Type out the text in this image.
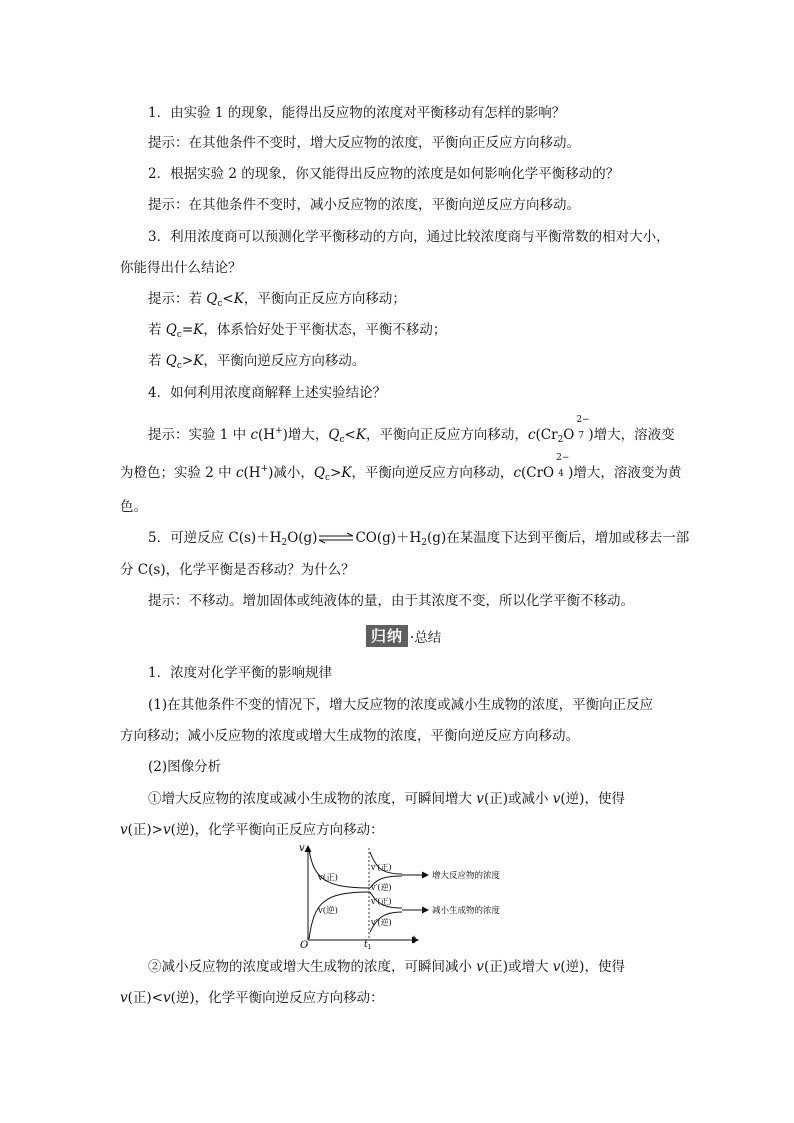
1．由实验 1 的现象，能得出反应物的浓度对平衡移动有怎样的影响？
提示：在其他条件不变时，增大反应物的浓度，平衡向正反应方向移动。
2．根据实验 2 的现象，你又能得出反应物的浓度是如何影响化学平衡移动的？
提示：在其他条件不变时，减小反应物的浓度，平衡向逆反应方向移动。
3．利用浓度商可以预测化学平衡移动的方向，通过比较浓度商与平衡常数的相对大小，
你能得出什么结论？
提示：若 $Q_c<K$，平衡向正反应方向移动；
若 $Q_c=K$，体系恰好处于平衡状态，平衡不移动；
若 $Q_c>K$，平衡向逆反应方向移动。
4．如何利用浓度商解释上述实验结论？
提示：实验 1 中 c(H+)增大，$Q_c<K$，平衡向正反应方向移动，$c(Cr_2O$
2−
7 )增大，溶液变
为橙色；实验 2 中 c(H+)减小，$Q_c>K$，平衡向逆反应方向移动，c(CrO
2−
4 )增大，溶液变为黄
色。
5．可逆反应 $C(s)+H_2O(g)\rightleftharpoons CO(g)+H_2(g)$在某温度下达到平衡后，增加或移去一部
分 C(s)，化学平衡是否移动？为什么？
提示：不移动。增加固体或纯液体的量，由于其浓度不变，所以化学平衡不移动。
归纳 ·总结
1．浓度对化学平衡的影响规律
(1)在其他条件不变的情况下，增大反应物的浓度或减小生成物的浓度，平衡向正反应
方向移动；减小反应物的浓度或增大生成物的浓度，平衡向逆反应方向移动。
(2)图像分析
①增大反应物的浓度或减小生成物的浓度，可瞬间增大 v(正)或减小 v(逆)，使得
v(正)>v(逆)，化学平衡向正反应方向移动：
v
t
O	$t_1$
v(正)
v(逆)
v′(正)
v′(逆)
增大反应物的浓度
v′(正)
v′(逆)
减小生成物的浓度
②减小反应物的浓度或增大生成物的浓度，可瞬间减小 v(正)或增大 v(逆)，使得
v(正)<v(逆)，化学平衡向逆反应方向移动：
